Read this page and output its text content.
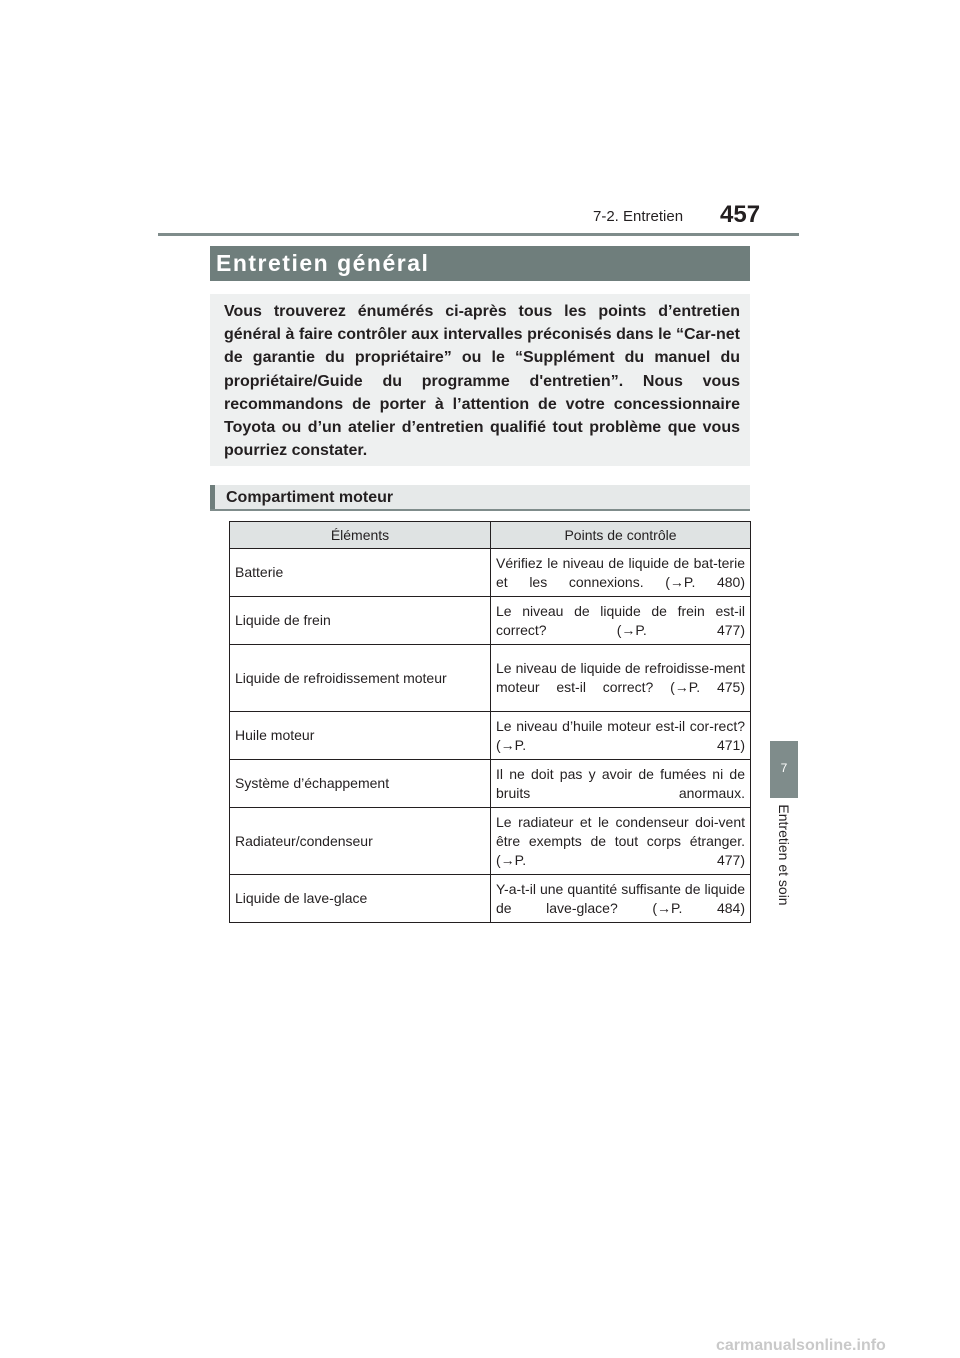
7-2. Entretien 457
Entretien général
Vous trouverez énumérés ci-après tous les points d’entretien général à faire contrôler aux intervalles préconisés dans le “Car-net de garantie du propriétaire” ou le “Supplément du manuel du propriétaire/Guide du programme d'entretien”. Nous vous recommandons de porter à l’attention de votre concessionnaire Toyota ou d’un atelier d’entretien qualifié tout problème que vous pourriez constater.
Compartiment moteur
Éléments	Points de contrôle
Batterie	Vérifiez le niveau de liquide de bat-terie et les connexions. (→P. 480)
Liquide de frein	Le niveau de liquide de frein est-il correct? (→P. 477)
Liquide de refroidissement moteur	Le niveau de liquide de refroidisse-ment moteur est-il correct? (→P. 475)
Huile moteur	Le niveau d’huile moteur est-il cor-rect? (→P. 471)
Système d’échappement	Il ne doit pas y avoir de fumées ni de bruits anormaux.
Radiateur/condenseur	Le radiateur et le condenseur doi-vent être exempts de tout corps étranger. (→P. 477)
Liquide de lave-glace	Y-a-t-il une quantité suffisante de liquide de lave-glace? (→P. 484)
7
Entretien et soin
carmanualsonline.info
